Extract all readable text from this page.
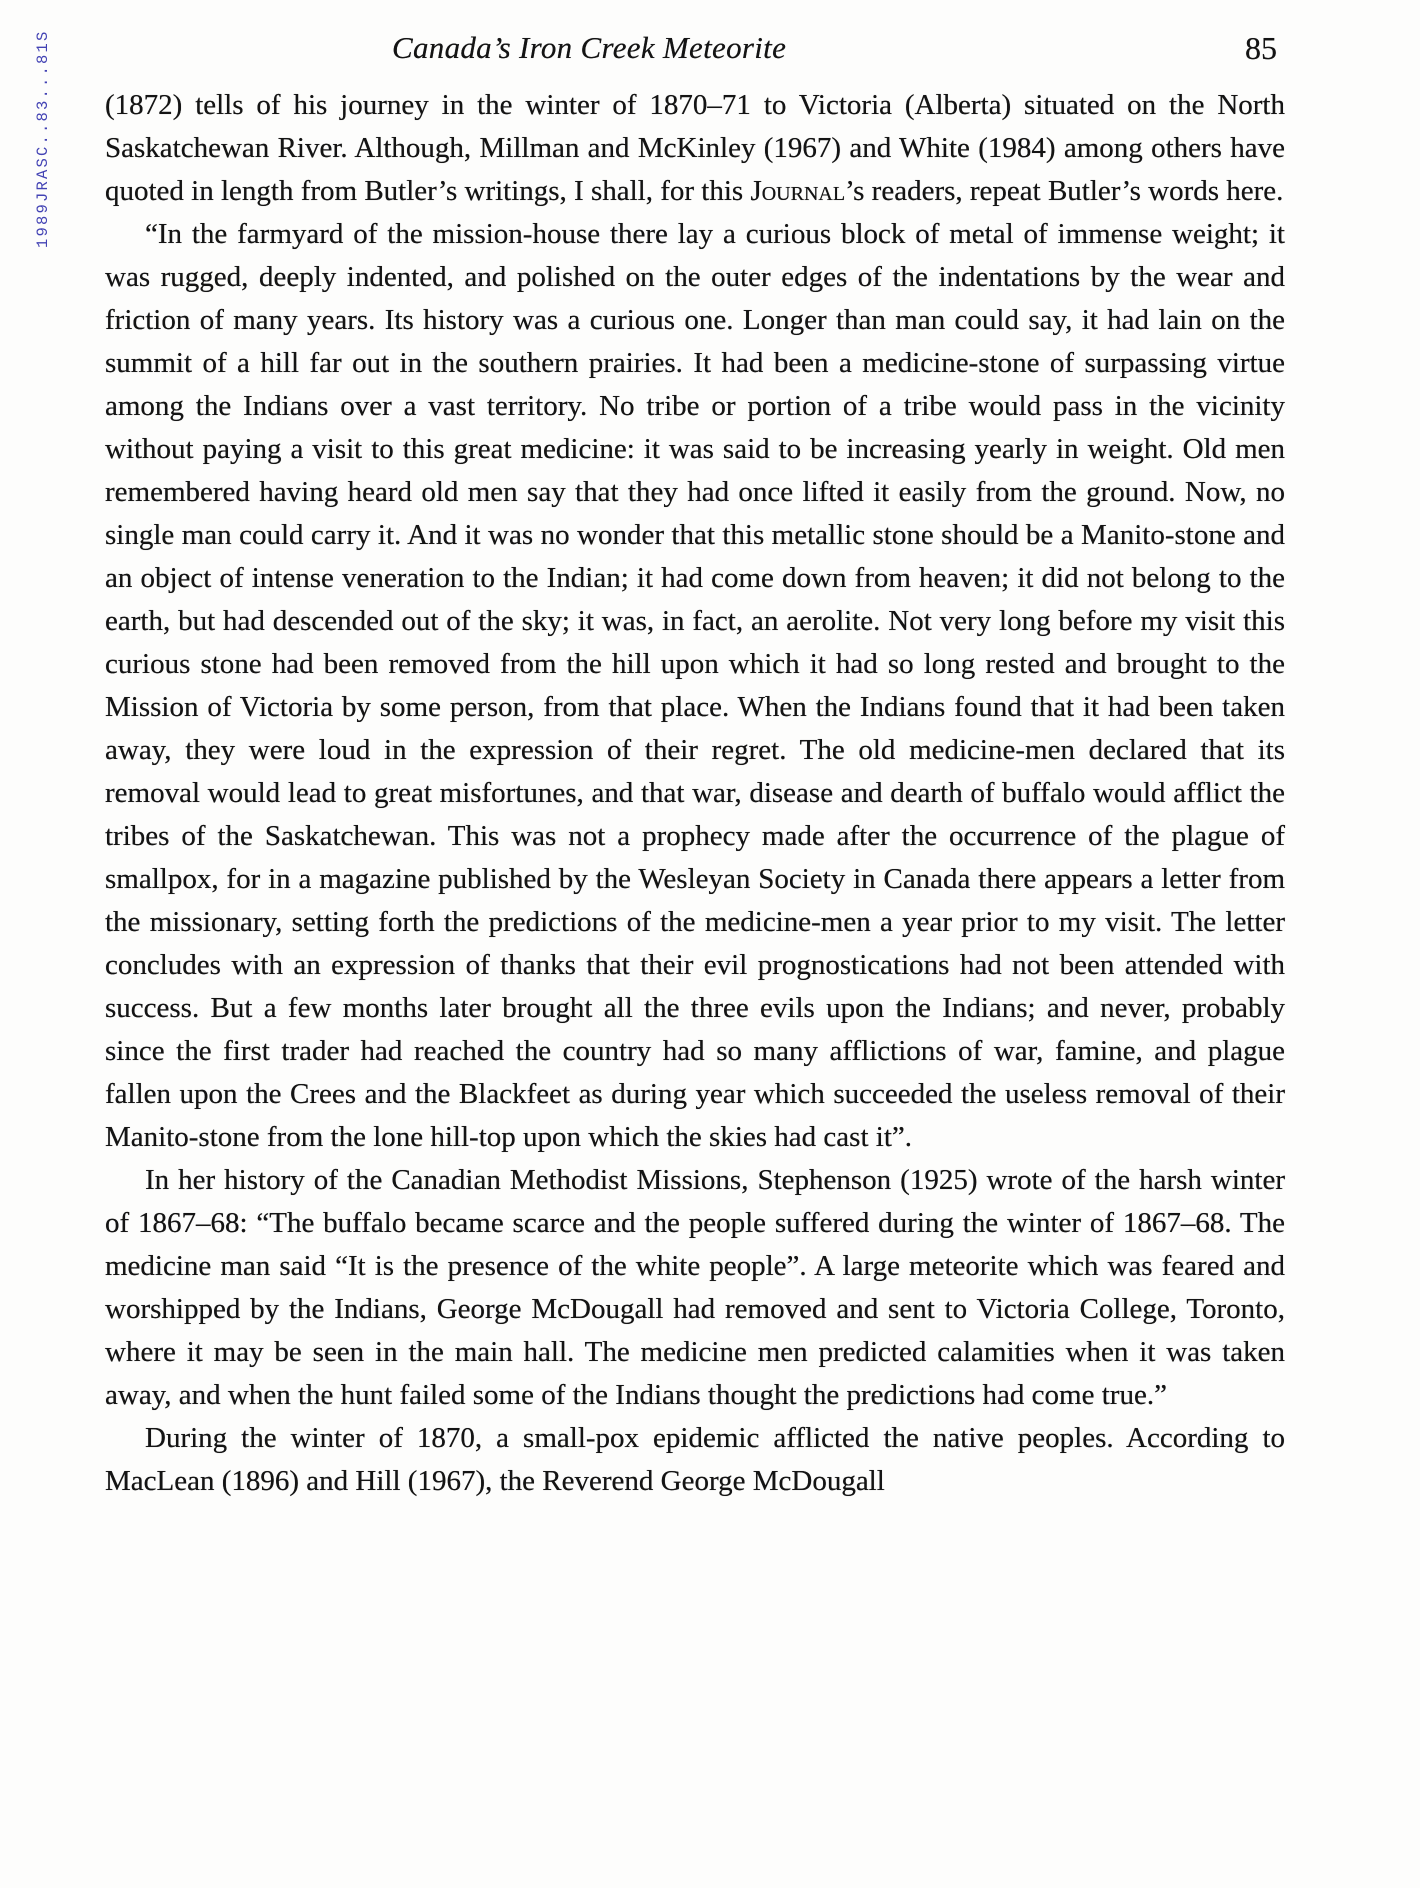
1989JRASC..83...81S	Canada’s Iron Creek Meteorite	85

(1872) tells of his journey in the winter of 1870–71 to Victoria (Alberta) situated on the North Saskatchewan River. Although, Millman and McKinley (1967) and White (1984) among others have quoted in length from Butler’s writings, I shall, for this Journal’s readers, repeat Butler’s words here.

“In the farmyard of the mission-house there lay a curious block of metal of immense weight; it was rugged, deeply indented, and polished on the outer edges of the indentations by the wear and friction of many years. Its history was a curious one. Longer than man could say, it had lain on the summit of a hill far out in the southern prairies. It had been a medicine-stone of surpassing virtue among the Indians over a vast territory. No tribe or portion of a tribe would pass in the vicinity without paying a visit to this great medicine: it was said to be increasing yearly in weight. Old men remembered having heard old men say that they had once lifted it easily from the ground. Now, no single man could carry it. And it was no wonder that this metallic stone should be a Manito-stone and an object of intense veneration to the Indian; it had come down from heaven; it did not belong to the earth, but had descended out of the sky; it was, in fact, an aerolite. Not very long before my visit this curious stone had been removed from the hill upon which it had so long rested and brought to the Mission of Victoria by some person, from that place. When the Indians found that it had been taken away, they were loud in the expression of their regret. The old medicine-men declared that its removal would lead to great misfortunes, and that war, disease and dearth of buffalo would afflict the tribes of the Saskatchewan. This was not a prophecy made after the occurrence of the plague of smallpox, for in a magazine published by the Wesleyan Society in Canada there appears a letter from the missionary, setting forth the predictions of the medicine-men a year prior to my visit. The letter concludes with an expression of thanks that their evil prognostications had not been attended with success. But a few months later brought all the three evils upon the Indians; and never, probably since the first trader had reached the country had so many afflictions of war, famine, and plague fallen upon the Crees and the Blackfeet as during year which succeeded the useless removal of their Manito-stone from the lone hill-top upon which the skies had cast it”.

In her history of the Canadian Methodist Missions, Stephenson (1925) wrote of the harsh winter of 1867–68: “The buffalo became scarce and the people suffered during the winter of 1867–68. The medicine man said “It is the presence of the white people”. A large meteorite which was feared and worshipped by the Indians, George McDougall had removed and sent to Victoria College, Toronto, where it may be seen in the main hall. The medicine men predicted calamities when it was taken away, and when the hunt failed some of the Indians thought the predictions had come true.”

During the winter of 1870, a small-pox epidemic afflicted the native peoples. According to MacLean (1896) and Hill (1967), the Reverend George McDougall
